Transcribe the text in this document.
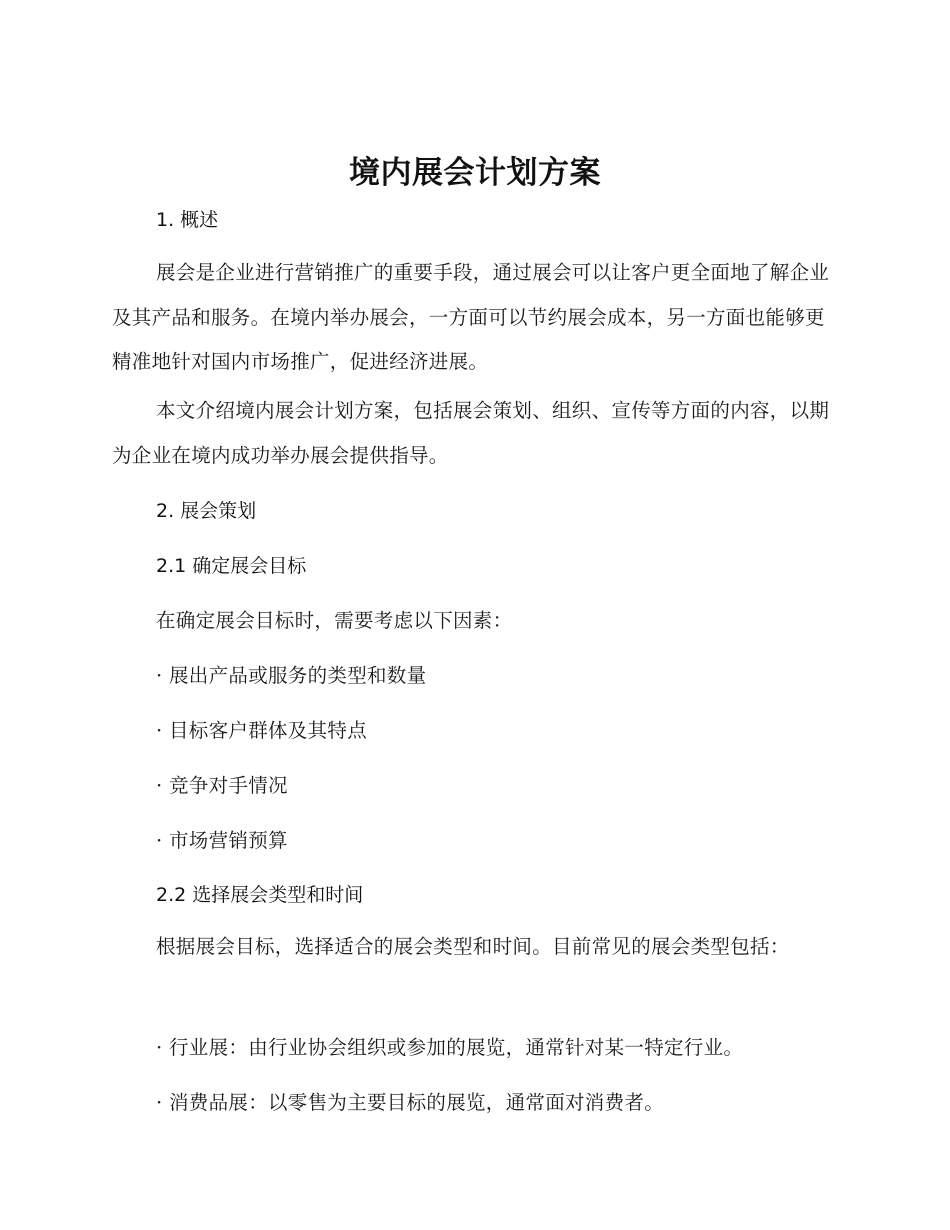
境内展会计划方案
1. 概述

展会是企业进行营销推广的重要手段，通过展会可以让客户更全面地了解企业及其产品和服务。在境内举办展会，一方面可以节约展会成本，另一方面也能够更精准地针对国内市场推广，促进经济进展。

本文介绍境内展会计划方案，包括展会策划、组织、宣传等方面的内容，以期为企业在境内成功举办展会提供指导。

2. 展会策划
2.1 确定展会目标
在确定展会目标时，需要考虑以下因素：
· 展出产品或服务的类型和数量
· 目标客户群体及其特点
· 竞争对手情况
· 市场营销预算
2.2 选择展会类型和时间

根据展会目标，选择适合的展会类型和时间。目前常见的展会类型包括：

· 行业展：由行业协会组织或参加的展览，通常针对某一特定行业。
· 消费品展：以零售为主要目标的展览，通常面对消费者。
